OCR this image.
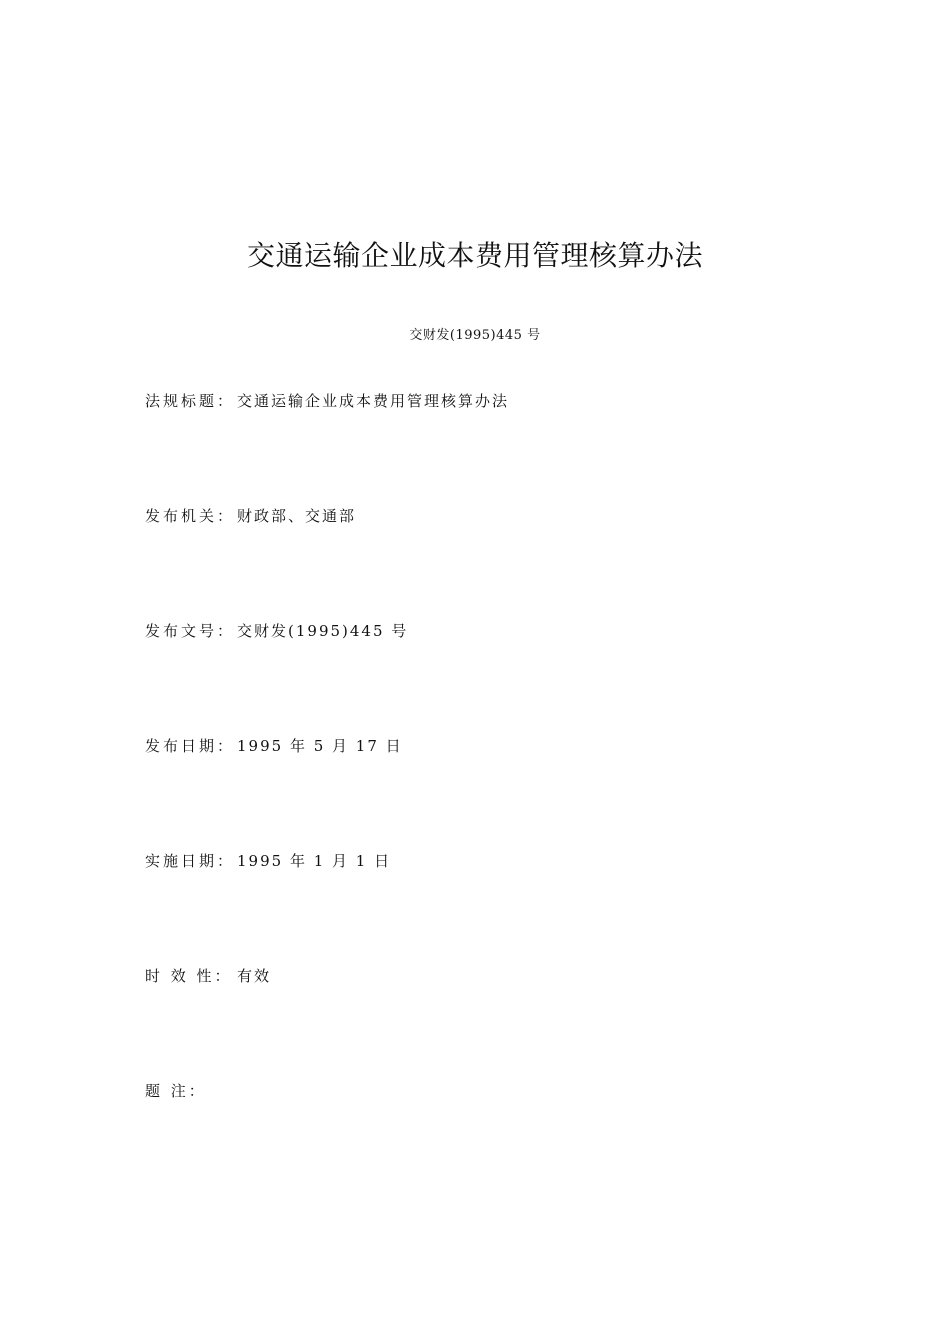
交通运输企业成本费用管理核算办法
交财发(1995)445 号
法规标题： 交通运输企业成本费用管理核算办法
发布机关： 财政部、交通部
发布文号： 交财发(1995)445 号
发布日期： 1995 年 5 月 17 日
实施日期： 1995 年 1 月 1 日
时 效 性： 有效
题 注：
